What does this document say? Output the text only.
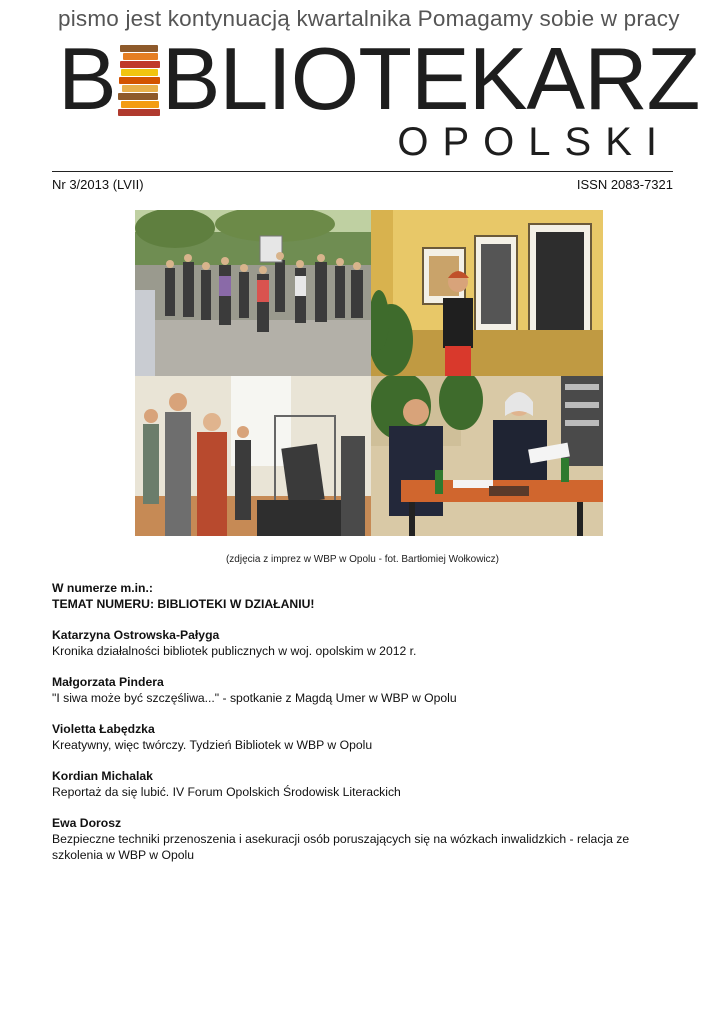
pismo jest kontynuacją kwartalnika Pomagamy sobie w pracy
B BLIOTEKARZ
OPOLSKI
Nr 3/2013 (LVII)	ISSN 2083-7321
(zdjęcia z imprez w WBP w Opolu - fot. Bartłomiej Wołkowicz)
W numerze m.in.:
TEMAT NUMERU: BIBLIOTEKI W DZIAŁANIU!
Katarzyna Ostrowska-Pałyga
Kronika działalności bibliotek publicznych w woj. opolskim w 2012 r.
Małgorzata Pindera
"I siwa może być szczęśliwa..." - spotkanie z Magdą Umer w WBP w Opolu
Violetta Łabędzka
Kreatywny, więc twórczy. Tydzień Bibliotek w WBP w Opolu
Kordian Michalak
Reportaż da się lubić. IV Forum Opolskich Środowisk Literackich
Ewa Dorosz
Bezpieczne techniki przenoszenia i asekuracji osób poruszających się na wózkach inwalidzkich - relacja ze szkolenia w WBP w Opolu
